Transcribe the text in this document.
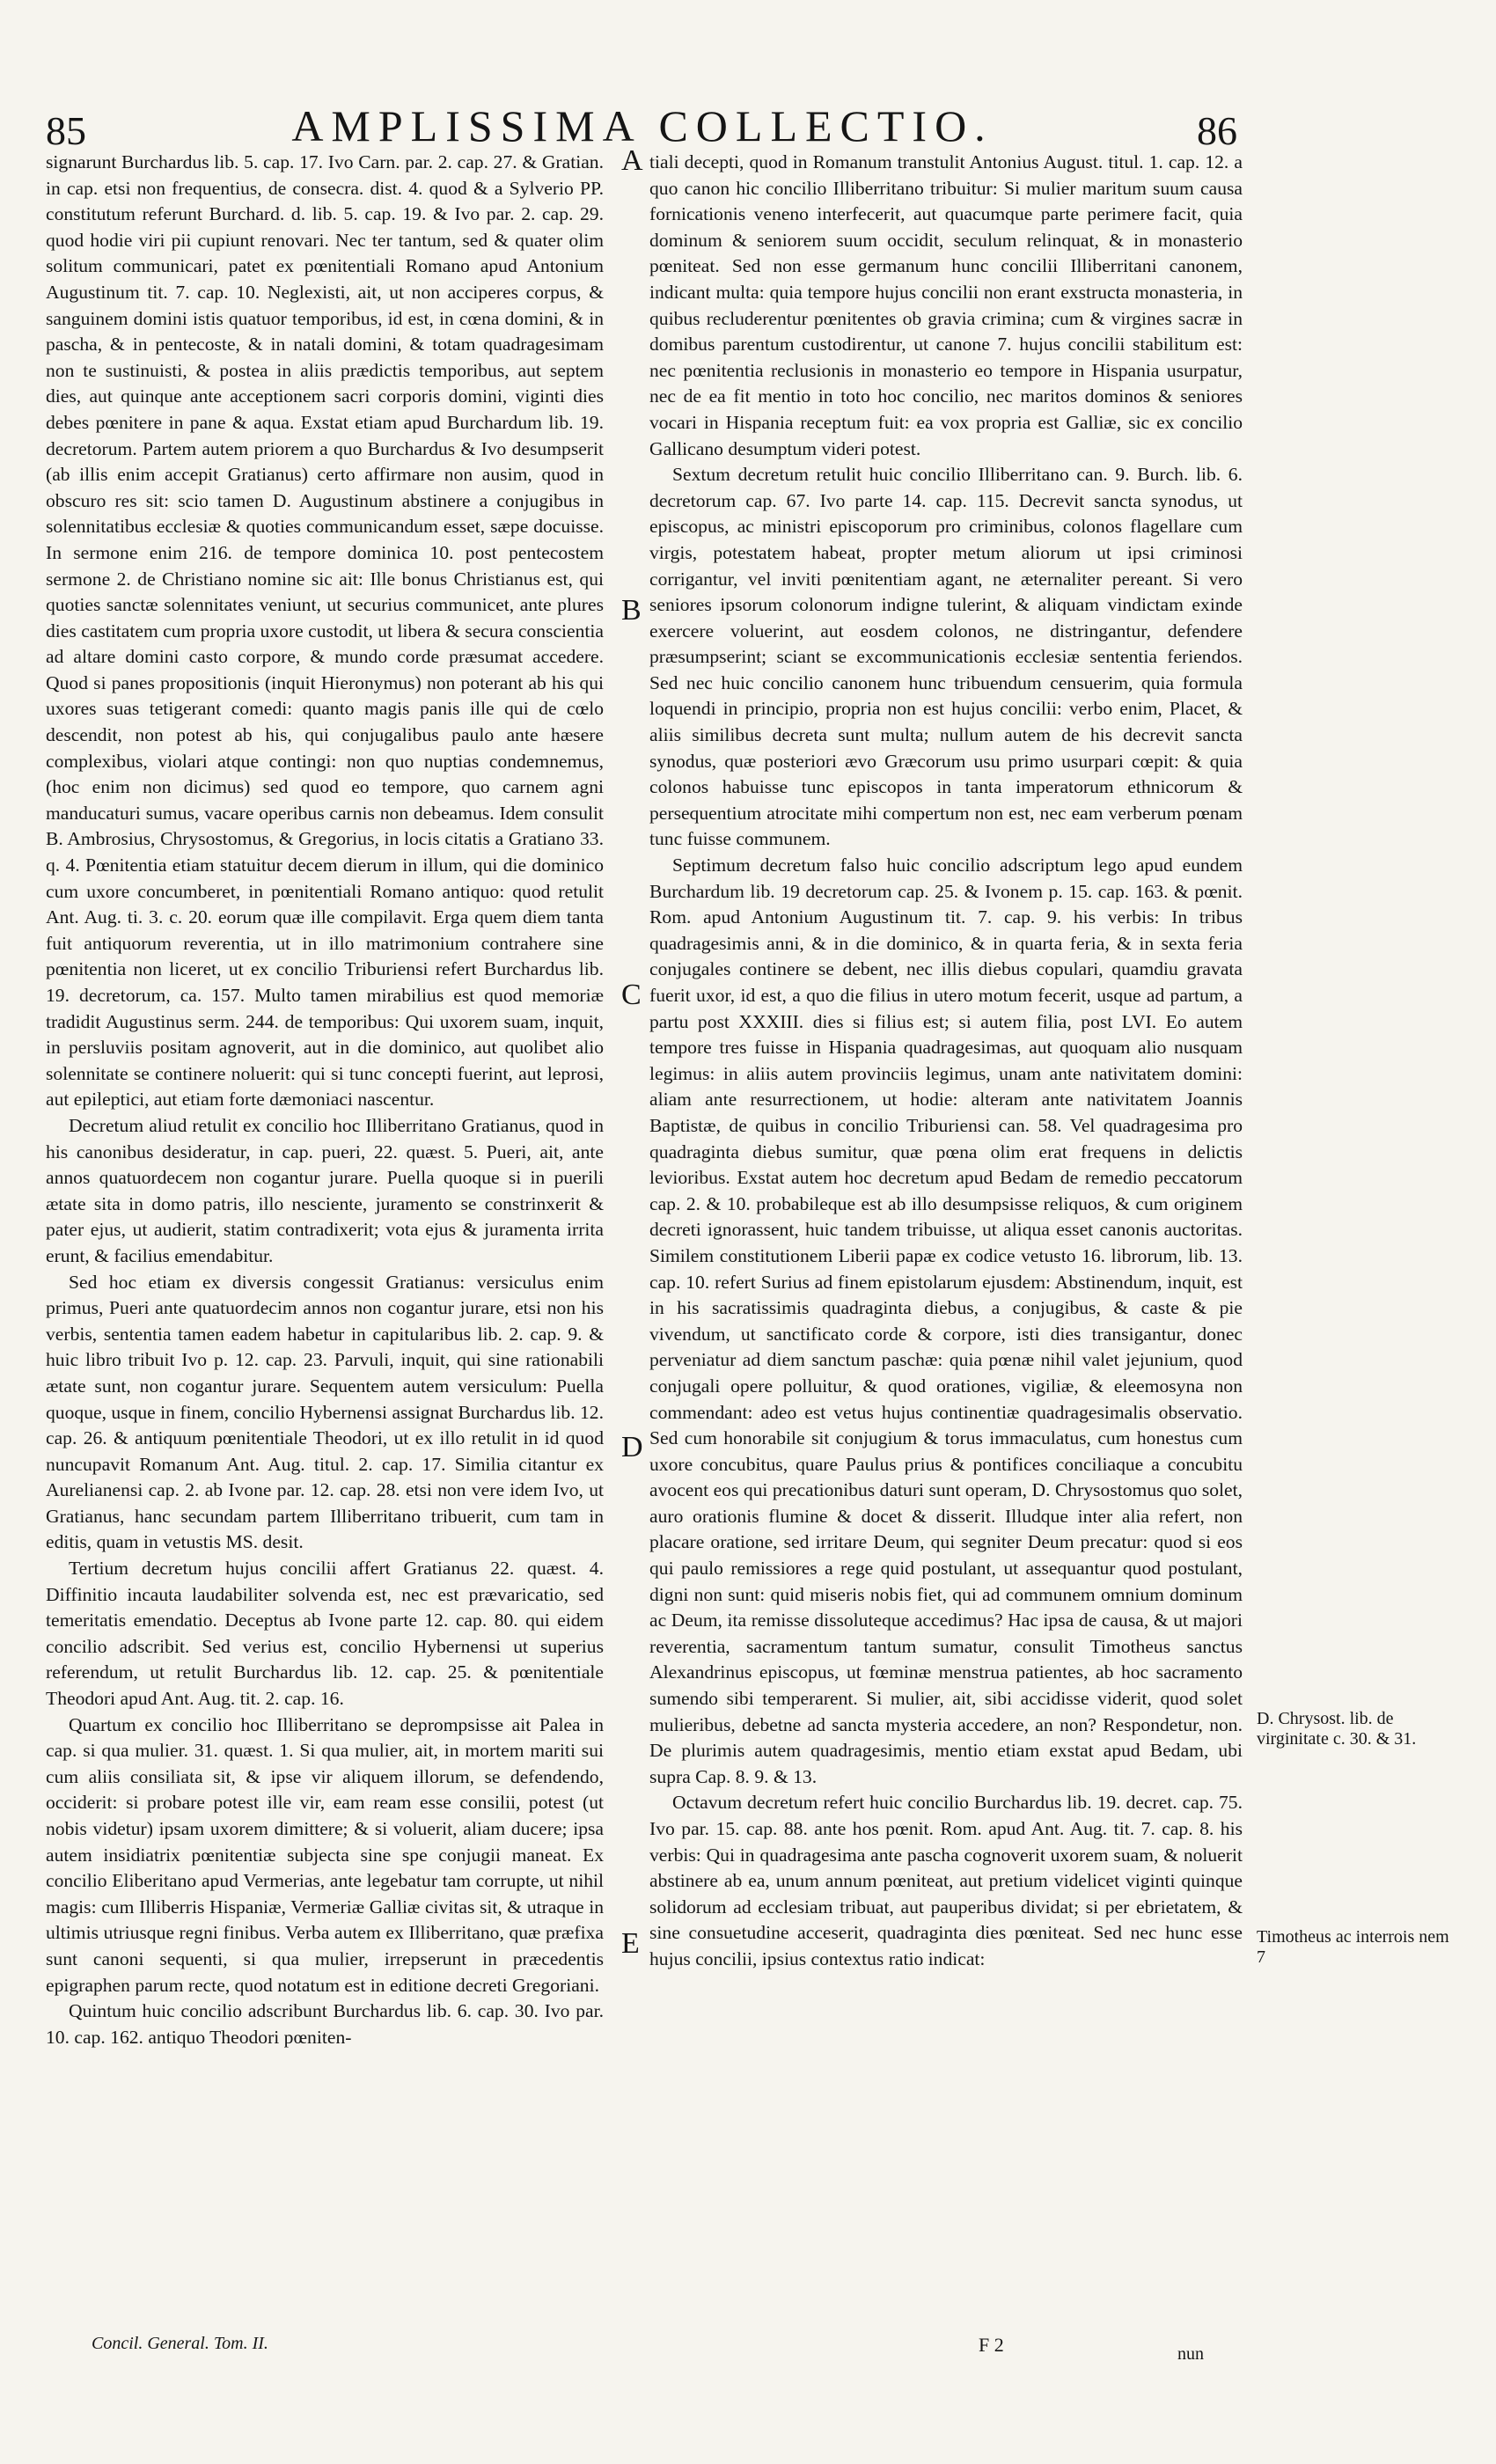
85	AMPLISSIMA COLLECTIO.	86

signarunt Burchardus lib. 5. cap. 17. Ivo Carn. par. 2. cap. 27. & Gratian. in cap. etsi non frequentius, de consecra. dist. 4. quod & a Sylverio PP. constitutum referunt Burchard. d. lib. 5. cap. 19. & Ivo par. 2. cap. 29. quod hodie viri pii cupiunt renovari. Nec ter tantum, sed & quater olim solitum communicari, patet ex pœnitentiali Romano apud Antonium Augustinum tit. 7. cap. 10. Neglexisti, ait, ut non acciperes corpus, & sanguinem domini istis quatuor temporibus, id est, in cœna domini, & in pascha, & in pentecoste, & in natali domini, & totam quadragesimam non te sustinuisti, & postea in aliis prædictis temporibus, aut septem dies, aut quinque ante acceptionem sacri corporis domini, viginti dies debes pœnitere in pane & aqua. Exstat etiam apud Burchardum lib. 19. decretorum. Partem autem priorem a quo Burchardus & Ivo desumpserit (ab illis enim accepit Gratianus) certo affirmare non ausim, quod in obscuro res sit: scio tamen D. Augustinum abstinere a conjugibus in solennitatibus ecclesiæ & quoties communicandum esset, sæpe docuisse. In sermone enim 216. de tempore dominica 10. post pentecostem sermone 2. de Christiano nomine sic ait: Ille bonus Christianus est, qui quoties sanctæ solennitates veniunt, ut securius communicet, ante plures dies castitatem cum propria uxore custodit, ut libera & secura conscientia ad altare domini casto corpore, & mundo corde præsumat accedere. Quod si panes propositionis (inquit Hieronymus) non poterant ab his qui uxores suas tetigerant comedi: quanto magis panis ille qui de cœlo descendit, non potest ab his, qui conjugalibus paulo ante hæsere complexibus, violari atque contingi: non quo nuptias condemnemus, (hoc enim non dicimus) sed quod eo tempore, quo carnem agni manducaturi sumus, vacare operibus carnis non debeamus. Idem consulit B. Ambrosius, Chrysostomus, & Gregorius, in locis citatis a Gratiano 33. q. 4. Pœnitentia etiam statuitur decem dierum in illum, qui die dominico cum uxore concumberet, in pœnitentiali Romano antiquo: quod retulit Ant. Aug. ti. 3. c. 20. eorum quæ ille compilavit. Erga quem diem tanta fuit antiquorum reverentia, ut in illo matrimonium contrahere sine pœnitentia non liceret, ut ex concilio Triburiensi refert Burchardus lib. 19. decretorum, ca. 157. Multo tamen mirabilius est quod memoriæ tradidit Augustinus serm. 244. de temporibus: Qui uxorem suam, inquit, in persluviis positam agnoverit, aut in die dominico, aut quolibet alio solennitate se continere noluerit: qui si tunc concepti fuerint, aut leprosi, aut epileptici, aut etiam forte dæmoniaci nascentur.

Decretum aliud retulit ex concilio hoc Illiberritano Gratianus, quod in his canonibus desideratur, in cap. pueri, 22. quæst. 5. Pueri, ait, ante annos quatuordecem non cogantur jurare. Puella quoque si in puerili ætate sita in domo patris, illo nesciente, juramento se constrinxerit & pater ejus, ut audierit, statim contradixerit; vota ejus & juramenta irrita erunt, & facilius emendabitur.

Sed hoc etiam ex diversis congessit Gratianus: versiculus enim primus, Pueri ante quatuordecim annos non cogantur jurare, etsi non his verbis, sententia tamen eadem habetur in capitularibus lib. 2. cap. 9. & huic libro tribuit Ivo p. 12. cap. 23. Parvuli, inquit, qui sine rationabili ætate sunt, non cogantur jurare. Sequentem autem versiculum: Puella quoque, usque in finem, concilio Hybernensi assignat Burchardus lib. 12. cap. 26. & antiquum pœnitentiale Theodori, ut ex illo retulit in id quod nuncupavit Romanum Ant. Aug. titul. 2. cap. 17. Similia citantur ex Aurelianensi cap. 2. ab Ivone par. 12. cap. 28. etsi non vere idem Ivo, ut Gratianus, hanc secundam partem Illiberritano tribuerit, cum tam in editis, quam in vetustis MS. desit.

Tertium decretum hujus concilii affert Gratianus 22. quæst. 4. Diffinitio incauta laudabiliter solvenda est, nec est prævaricatio, sed temeritatis emendatio. Deceptus ab Ivone parte 12. cap. 80. qui eidem concilio adscribit. Sed verius est, concilio Hybernensi ut superius referendum, ut retulit Burchardus lib. 12. cap. 25. & pœnitentiale Theodori apud Ant. Aug. tit. 2. cap. 16.

Quartum ex concilio hoc Illiberritano se deprompsisse ait Palea in cap. si qua mulier. 31. quæst. 1. Si qua mulier, ait, in mortem mariti sui cum aliis consiliata sit, & ipse vir aliquem illorum, se defendendo, occiderit: si probare potest ille vir, eam ream esse consilii, potest (ut nobis videtur) ipsam uxorem dimittere; & si voluerit, aliam ducere; ipsa autem insidiatrix pœnitentiæ subjecta sine spe conjugii maneat. Ex concilio Eliberitano apud Vermerias, ante legebatur tam corrupte, ut nihil magis: cum Illiberris Hispaniæ, Vermeriæ Galliæ civitas sit, & utraque in ultimis utriusque regni finibus. Verba autem ex Illiberritano, quæ præfixa sunt canoni sequenti, si qua mulier, irrepserunt in præcedentis epigraphen parum recte, quod notatum est in editione decreti Gregoriani.

Quintum huic concilio adscribunt Burchardus lib. 6. cap. 30. Ivo par. 10. cap. 162. antiquo Theodori pœniten-

A
B
C
D
E

tiali decepti, quod in Romanum transtulit Antonius August. titul. 1. cap. 12. a quo canon hic concilio Illiberritano tribuitur: Si mulier maritum suum causa fornicationis veneno interfecerit, aut quacumque parte perimere facit, quia dominum & seniorem suum occidit, seculum relinquat, & in monasterio pœniteat. Sed non esse germanum hunc concilii Illiberritani canonem, indicant multa: quia tempore hujus concilii non erant exstructa monasteria, in quibus recluderentur pœnitentes ob gravia crimina; cum & virgines sacræ in domibus parentum custodirentur, ut canone 7. hujus concilii stabilitum est: nec pœnitentia reclusionis in monasterio eo tempore in Hispania usurpatur, nec de ea fit mentio in toto hoc concilio, nec maritos dominos & seniores vocari in Hispania receptum fuit: ea vox propria est Galliæ, sic ex concilio Gallicano desumptum videri potest.

Sextum decretum retulit huic concilio Illiberritano can. 9. Burch. lib. 6. decretorum cap. 67. Ivo parte 14. cap. 115. Decrevit sancta synodus, ut episcopus, ac ministri episcoporum pro criminibus, colonos flagellare cum virgis, potestatem habeat, propter metum aliorum ut ipsi criminosi corrigantur, vel inviti pœnitentiam agant, ne æternaliter pereant. Si vero seniores ipsorum colonorum indigne tulerint, & aliquam vindictam exinde exercere voluerint, aut eosdem colonos, ne distringantur, defendere præsumpserint; sciant se excommunicationis ecclesiæ sententia feriendos. Sed nec huic concilio canonem hunc tribuendum censuerim, quia formula loquendi in principio, propria non est hujus concilii: verbo enim, Placet, & aliis similibus decreta sunt multa; nullum autem de his decrevit sancta synodus, quæ posteriori ævo Græcorum usu primo usurpari cœpit: & quia colonos habuisse tunc episcopos in tanta imperatorum ethnicorum & persequentium atrocitate mihi compertum non est, nec eam verberum pœnam tunc fuisse communem.

Septimum decretum falso huic concilio adscriptum lego apud eundem Burchardum lib. 19 decretorum cap. 25. & Ivonem p. 15. cap. 163. & pœnit. Rom. apud Antonium Augustinum tit. 7. cap. 9. his verbis: In tribus quadragesimis anni, & in die dominico, & in quarta feria, & in sexta feria conjugales continere se debent, nec illis diebus copulari, quamdiu gravata fuerit uxor, id est, a quo die filius in utero motum fecerit, usque ad partum, a partu post XXXIII. dies si filius est; si autem filia, post LVI. Eo autem tempore tres fuisse in Hispania quadragesimas, aut quoquam alio nusquam legimus: in aliis autem provinciis legimus, unam ante nativitatem domini: aliam ante resurrectionem, ut hodie: alteram ante nativitatem Joannis Baptistæ, de quibus in concilio Triburiensi can. 58. Vel quadragesima pro quadraginta diebus sumitur, quæ pœna olim erat frequens in delictis levioribus. Exstat autem hoc decretum apud Bedam de remedio peccatorum cap. 2. & 10. probabileque est ab illo desumpsisse reliquos, & cum originem decreti ignorassent, huic tandem tribuisse, ut aliqua esset canonis auctoritas. Similem constitutionem Liberii papæ ex codice vetusto 16. librorum, lib. 13. cap. 10. refert Surius ad finem epistolarum ejusdem: Abstinendum, inquit, est in his sacratissimis quadraginta diebus, a conjugibus, & caste & pie vivendum, ut sanctificato corde & corpore, isti dies transigantur, donec perveniatur ad diem sanctum paschæ: quia pœnæ nihil valet jejunium, quod conjugali opere polluitur, & quod orationes, vigiliæ, & eleemosyna non commendant: adeo est vetus hujus continentiæ quadragesimalis observatio. Sed cum honorabile sit conjugium & torus immaculatus, cum honestus cum uxore concubitus, quare Paulus prius & pontifices conciliaque a concubitu avocent eos qui precationibus daturi sunt operam, D. Chrysostomus quo solet, auro orationis flumine & docet & disserit. Illudque inter alia refert, non placare oratione, sed irritare Deum, qui segniter Deum precatur: quod si eos qui paulo remissiores a rege quid postulant, ut assequantur quod postulant, digni non sunt: quid miseris nobis fiet, qui ad communem omnium dominum ac Deum, ita remisse dissoluteque accedimus? Hac ipsa de causa, & ut majori reverentia, sacramentum tantum sumatur, consulit Timotheus sanctus Alexandrinus episcopus, ut fœminæ menstrua patientes, ab hoc sacramento sumendo sibi temperarent. Si mulier, ait, sibi accidisse viderit, quod solet mulieribus, debetne ad sancta mysteria accedere, an non? Respondetur, non. De plurimis autem quadragesimis, mentio etiam exstat apud Bedam, ubi supra Cap. 8. 9. & 13.

Octavum decretum refert huic concilio Burchardus lib. 19. decret. cap. 75. Ivo par. 15. cap. 88. ante hos pœnit. Rom. apud Ant. Aug. tit. 7. cap. 8. his verbis: Qui in quadragesima ante pascha cognoverit uxorem suam, & noluerit abstinere ab ea, unum annum pœniteat, aut pretium videlicet viginti quinque solidorum ad ecclesiam tribuat, aut pauperibus dividat; si per ebrietatem, & sine consuetudine acceserit, quadraginta dies pœniteat. Sed nec hunc esse hujus concilii, ipsius contextus ratio indicat:

D. Chrysost. lib. de virginitate c. 30. & 31.
Timotheus ac interrois nem 7
Concil. General. Tom. II.	F 2	nun
